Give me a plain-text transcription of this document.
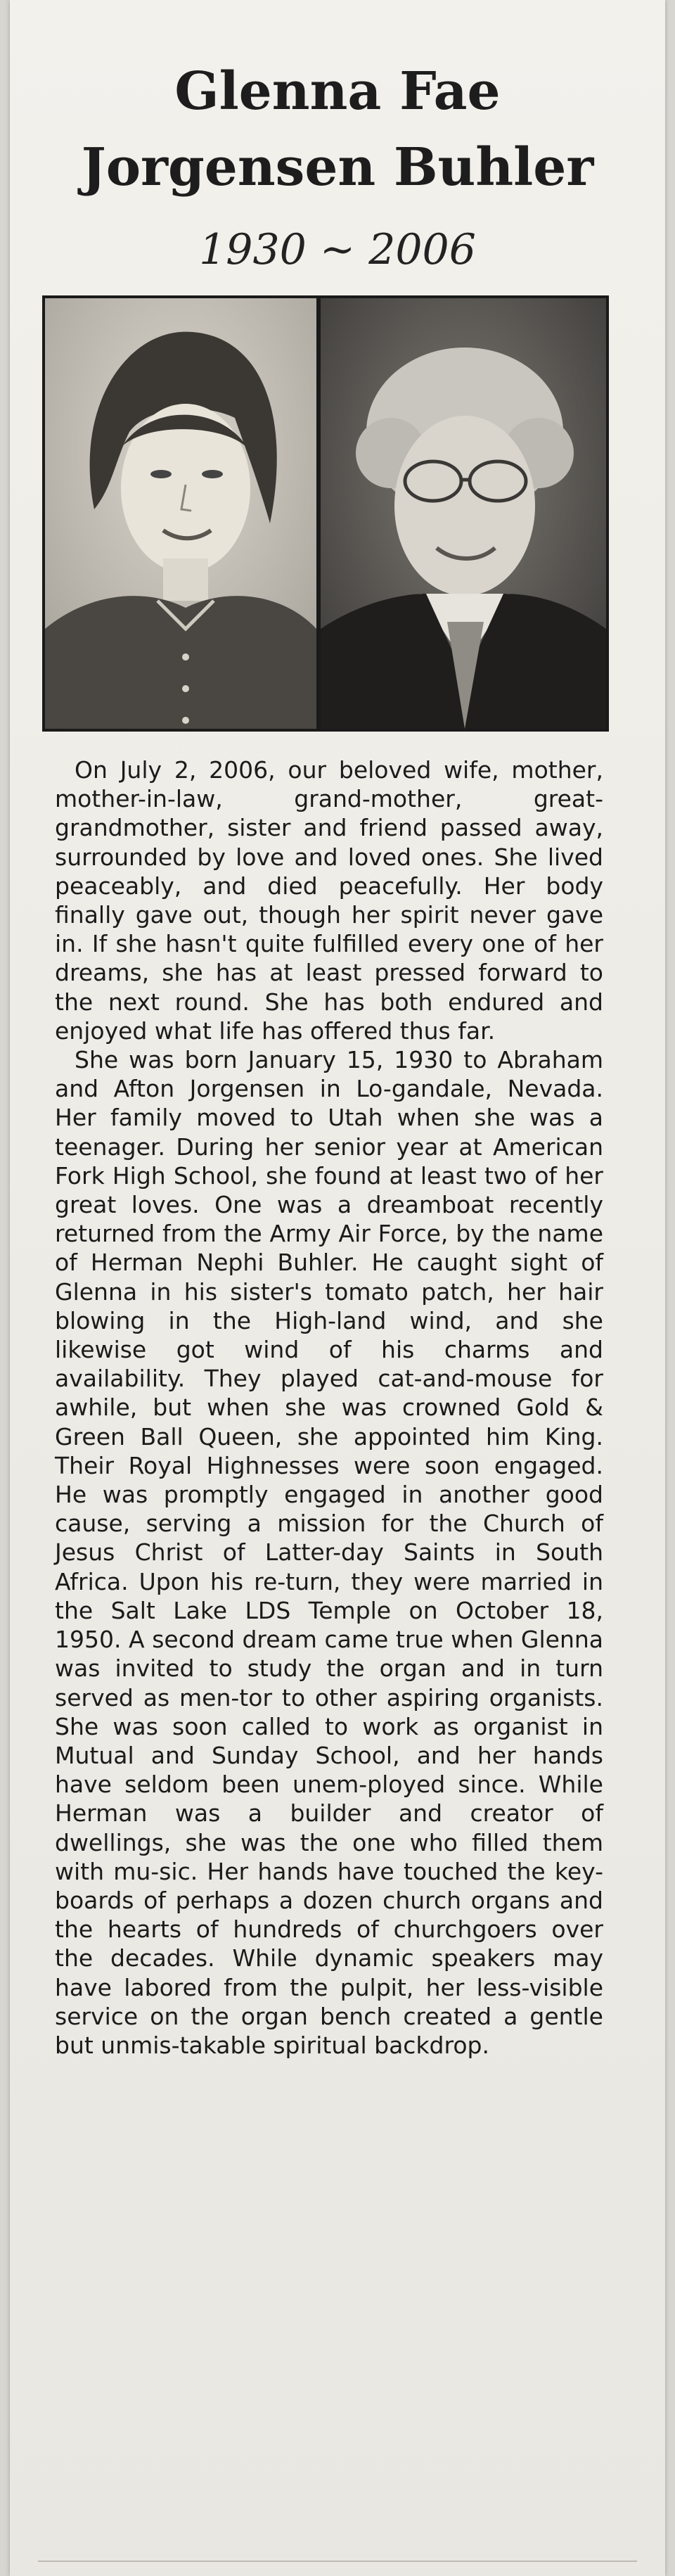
Glenna Fae
Jorgensen Buhler
1930 ~ 2006

On July 2, 2006, our beloved wife, mother, mother-in-law, grand-mother, great-grandmother, sister and friend passed away, surrounded by love and loved ones. She lived peaceably, and died peacefully. Her body finally gave out, though her spirit never gave in. If she hasn't quite fulfilled every one of her dreams, she has at least pressed forward to the next round. She has both endured and enjoyed what life has offered thus far.

She was born January 15, 1930 to Abraham and Afton Jorgensen in Lo-gandale, Nevada. Her family moved to Utah when she was a teenager. During her senior year at American Fork High School, she found at least two of her great loves. One was a dreamboat recently returned from the Army Air Force, by the name of Herman Nephi Buhler. He caught sight of Glenna in his sister's tomato patch, her hair blowing in the High-land wind, and she likewise got wind of his charms and availability. They played cat-and-mouse for awhile, but when she was crowned Gold & Green Ball Queen, she appointed him King. Their Royal Highnesses were soon engaged. He was promptly engaged in another good cause, serving a mission for the Church of Jesus Christ of Latter-day Saints in South Africa. Upon his re-turn, they were married in the Salt Lake LDS Temple on October 18, 1950. A second dream came true when Glenna was invited to study the organ and in turn served as men-tor to other aspiring organists. She was soon called to work as organist in Mutual and Sunday School, and her hands have seldom been unem-ployed since. While Herman was a builder and creator of dwellings, she was the one who filled them with mu-sic. Her hands have touched the key-boards of perhaps a dozen church organs and the hearts of hundreds of churchgoers over the decades. While dynamic speakers may have labored from the pulpit, her less-visible service on the organ bench created a gentle but unmis-takable spiritual backdrop.
